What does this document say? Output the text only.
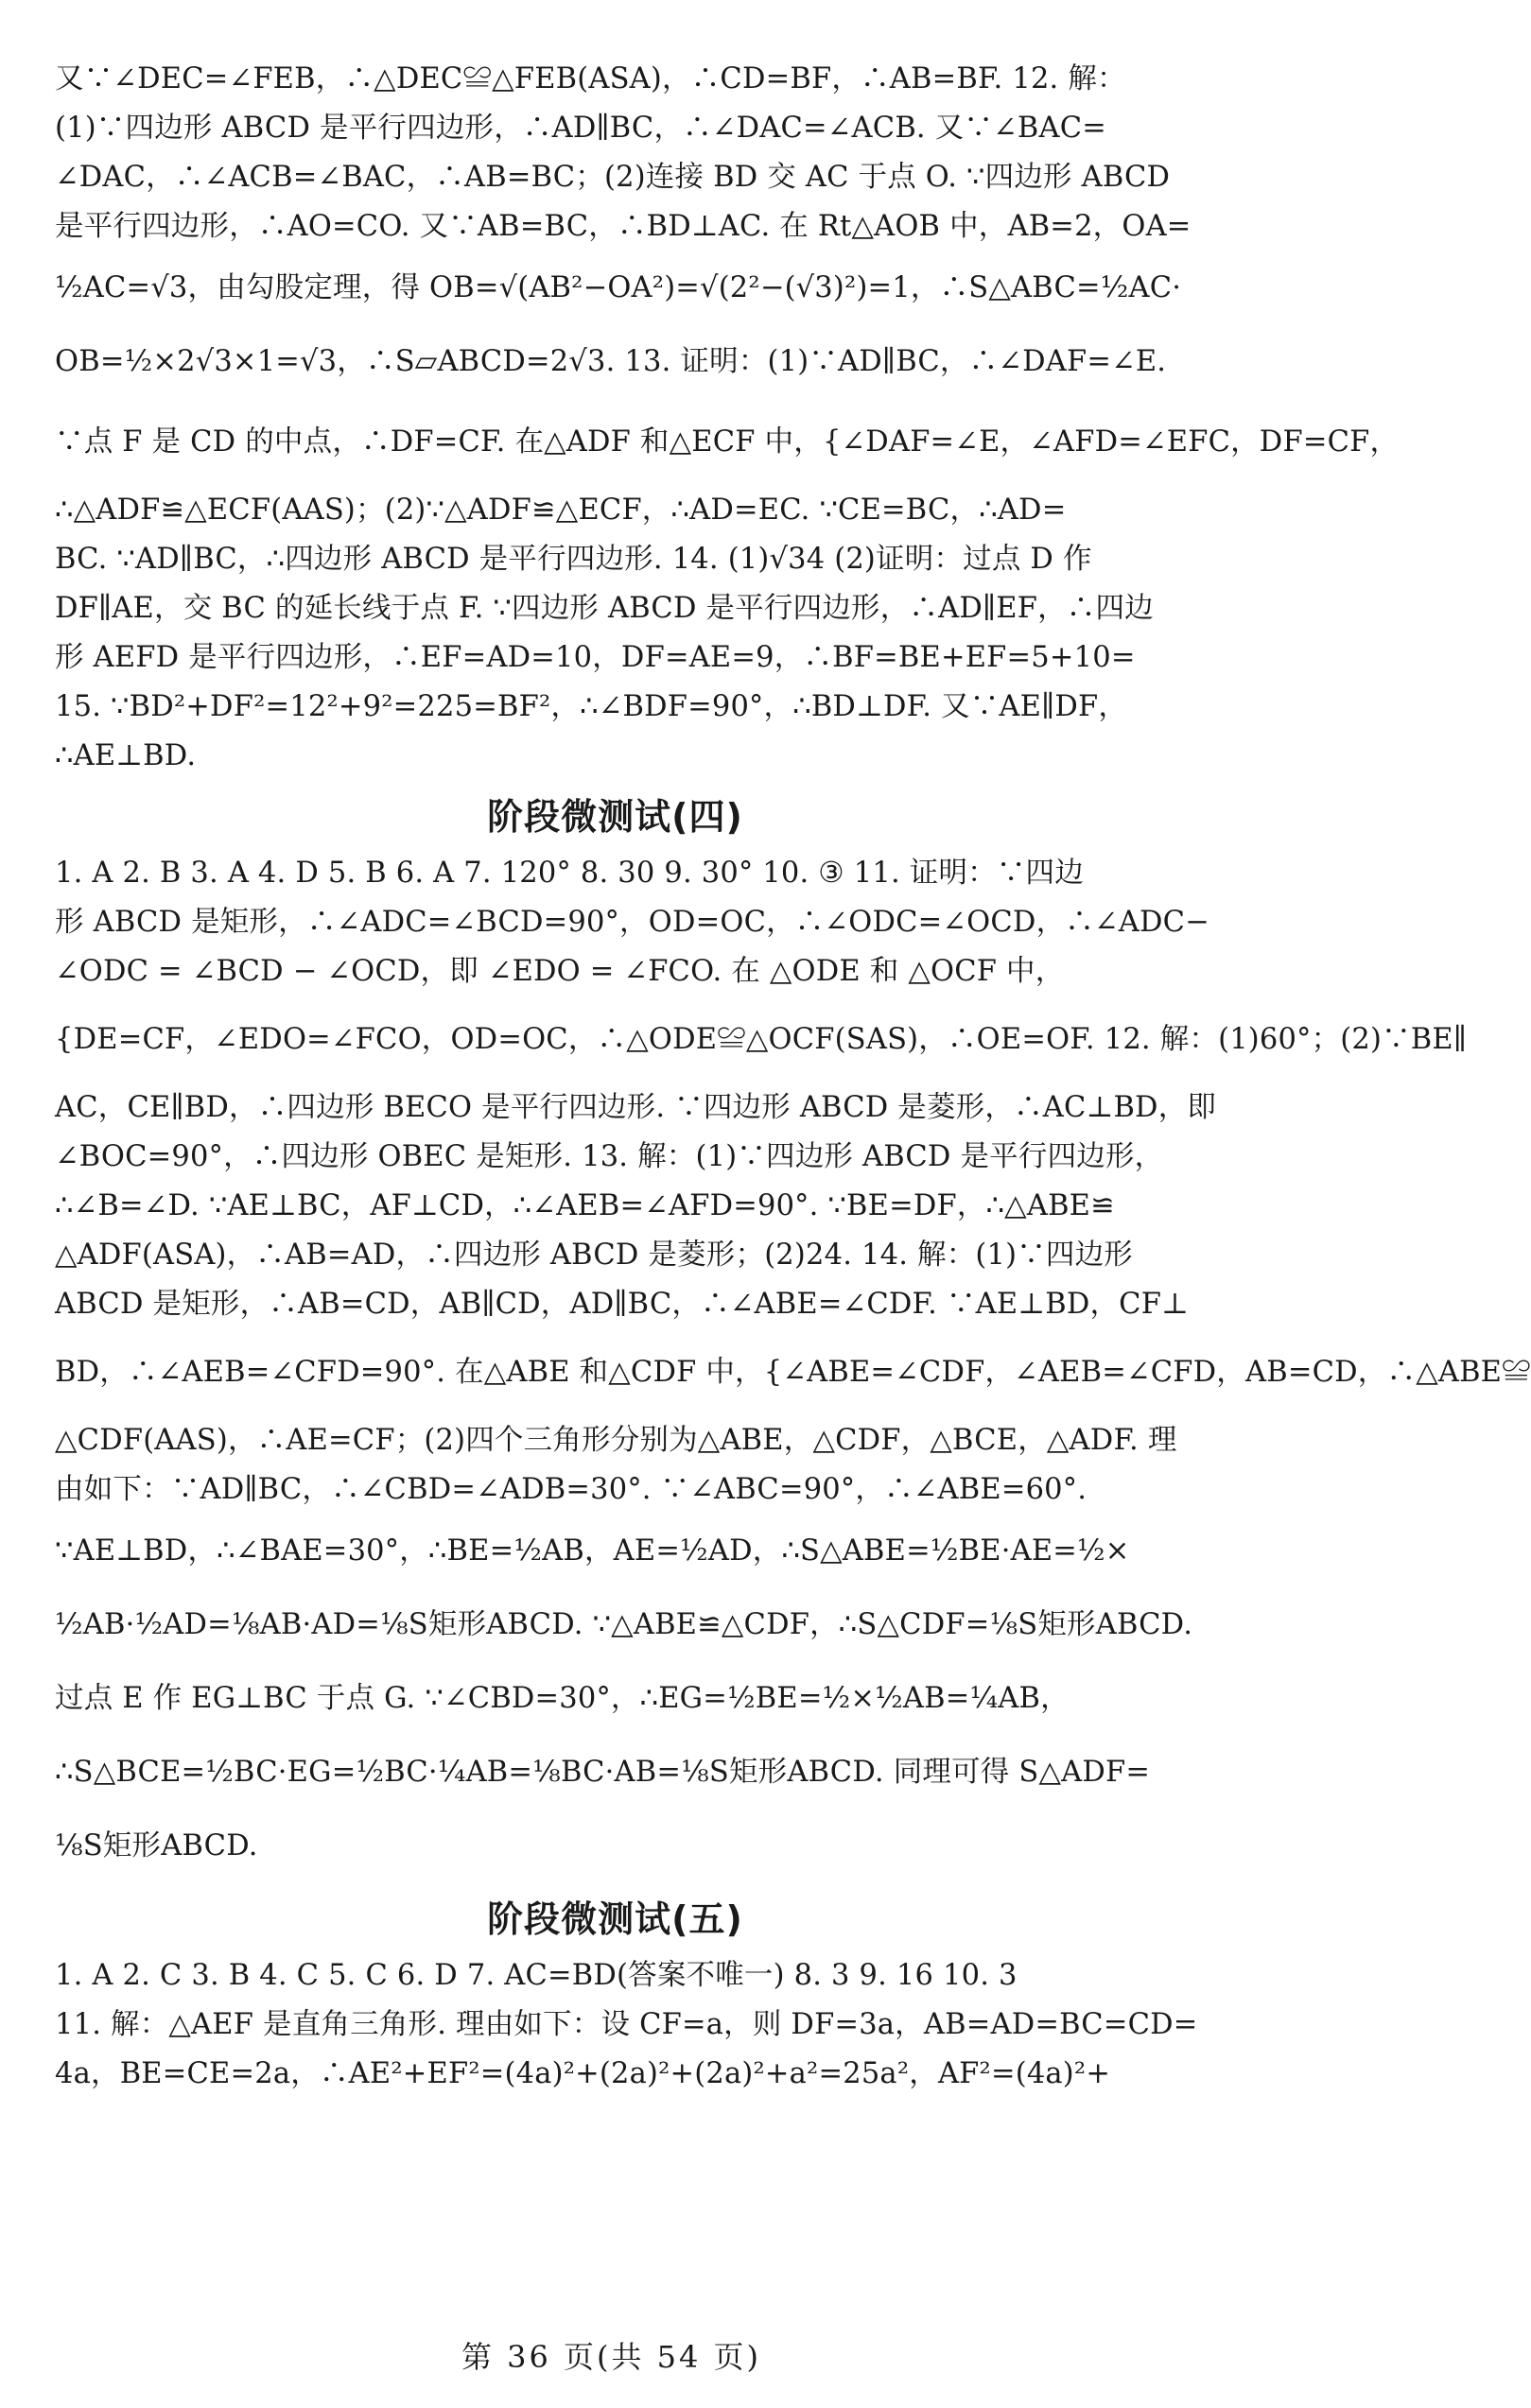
又∵∠DEC=∠FEB，∴△DEC≌△FEB(ASA)，∴CD=BF，∴AB=BF. 12. 解：
(1)∵四边形 ABCD 是平行四边形，∴AD∥BC，∴∠DAC=∠ACB. 又∵∠BAC=
∠DAC，∴∠ACB=∠BAC，∴AB=BC；(2)连接 BD 交 AC 于点 O. ∵四边形 ABCD
是平行四边形，∴AO=CO. 又∵AB=BC，∴BD⊥AC. 在 Rt△AOB 中，AB=2，OA=
½AC=√3，由勾股定理，得 OB=√(AB²−OA²)=√(2²−(√3)²)=1，∴S△ABC=½AC·
OB=½×2√3×1=√3，∴S▱ABCD=2√3. 13. 证明：(1)∵AD∥BC，∴∠DAF=∠E.
∵点 F 是 CD 的中点，∴DF=CF. 在△ADF 和△ECF 中，{∠DAF=∠E，∠AFD=∠EFC，DF=CF，
∴△ADF≌△ECF(AAS)；(2)∵△ADF≌△ECF，∴AD=EC. ∵CE=BC，∴AD=
BC. ∵AD∥BC，∴四边形 ABCD 是平行四边形. 14. (1)√34 (2)证明：过点 D 作
DF∥AE，交 BC 的延长线于点 F. ∵四边形 ABCD 是平行四边形，∴AD∥EF，∴四边
形 AEFD 是平行四边形，∴EF=AD=10，DF=AE=9，∴BF=BE+EF=5+10=
15. ∵BD²+DF²=12²+9²=225=BF²，∴∠BDF=90°，∴BD⊥DF. 又∵AE∥DF，
∴AE⊥BD.
阶段微测试(四)
1. A 2. B 3. A 4. D 5. B 6. A 7. 120° 8. 30 9. 30° 10. ③ 11. 证明：∵四边
形 ABCD 是矩形，∴∠ADC=∠BCD=90°，OD=OC，∴∠ODC=∠OCD，∴∠ADC−
∠ODC = ∠BCD − ∠OCD，即 ∠EDO = ∠FCO. 在 △ODE 和 △OCF 中，
{DE=CF，∠EDO=∠FCO，OD=OC，∴△ODE≌△OCF(SAS)，∴OE=OF. 12. 解：(1)60°；(2)∵BE∥
AC，CE∥BD，∴四边形 BECO 是平行四边形. ∵四边形 ABCD 是菱形，∴AC⊥BD，即
∠BOC=90°，∴四边形 OBEC 是矩形. 13. 解：(1)∵四边形 ABCD 是平行四边形，
∴∠B=∠D. ∵AE⊥BC，AF⊥CD，∴∠AEB=∠AFD=90°. ∵BE=DF，∴△ABE≌
△ADF(ASA)，∴AB=AD，∴四边形 ABCD 是菱形；(2)24. 14. 解：(1)∵四边形
ABCD 是矩形，∴AB=CD，AB∥CD，AD∥BC，∴∠ABE=∠CDF. ∵AE⊥BD，CF⊥
BD，∴∠AEB=∠CFD=90°. 在△ABE 和△CDF 中，{∠ABE=∠CDF，∠AEB=∠CFD，AB=CD，∴△ABE≌
△CDF(AAS)，∴AE=CF；(2)四个三角形分别为△ABE，△CDF，△BCE，△ADF. 理
由如下：∵AD∥BC，∴∠CBD=∠ADB=30°. ∵∠ABC=90°，∴∠ABE=60°.
∵AE⊥BD，∴∠BAE=30°，∴BE=½AB，AE=½AD，∴S△ABE=½BE·AE=½×
½AB·½AD=⅛AB·AD=⅛S矩形ABCD. ∵△ABE≌△CDF，∴S△CDF=⅛S矩形ABCD.
过点 E 作 EG⊥BC 于点 G. ∵∠CBD=30°，∴EG=½BE=½×½AB=¼AB，
∴S△BCE=½BC·EG=½BC·¼AB=⅛BC·AB=⅛S矩形ABCD. 同理可得 S△ADF=
⅛S矩形ABCD.
阶段微测试(五)
1. A 2. C 3. B 4. C 5. C 6. D 7. AC=BD(答案不唯一) 8. 3 9. 16 10. 3
11. 解：△AEF 是直角三角形. 理由如下：设 CF=a，则 DF=3a，AB=AD=BC=CD=
4a，BE=CE=2a，∴AE²+EF²=(4a)²+(2a)²+(2a)²+a²=25a²，AF²=(4a)²+
第 36 页(共 54 页)
